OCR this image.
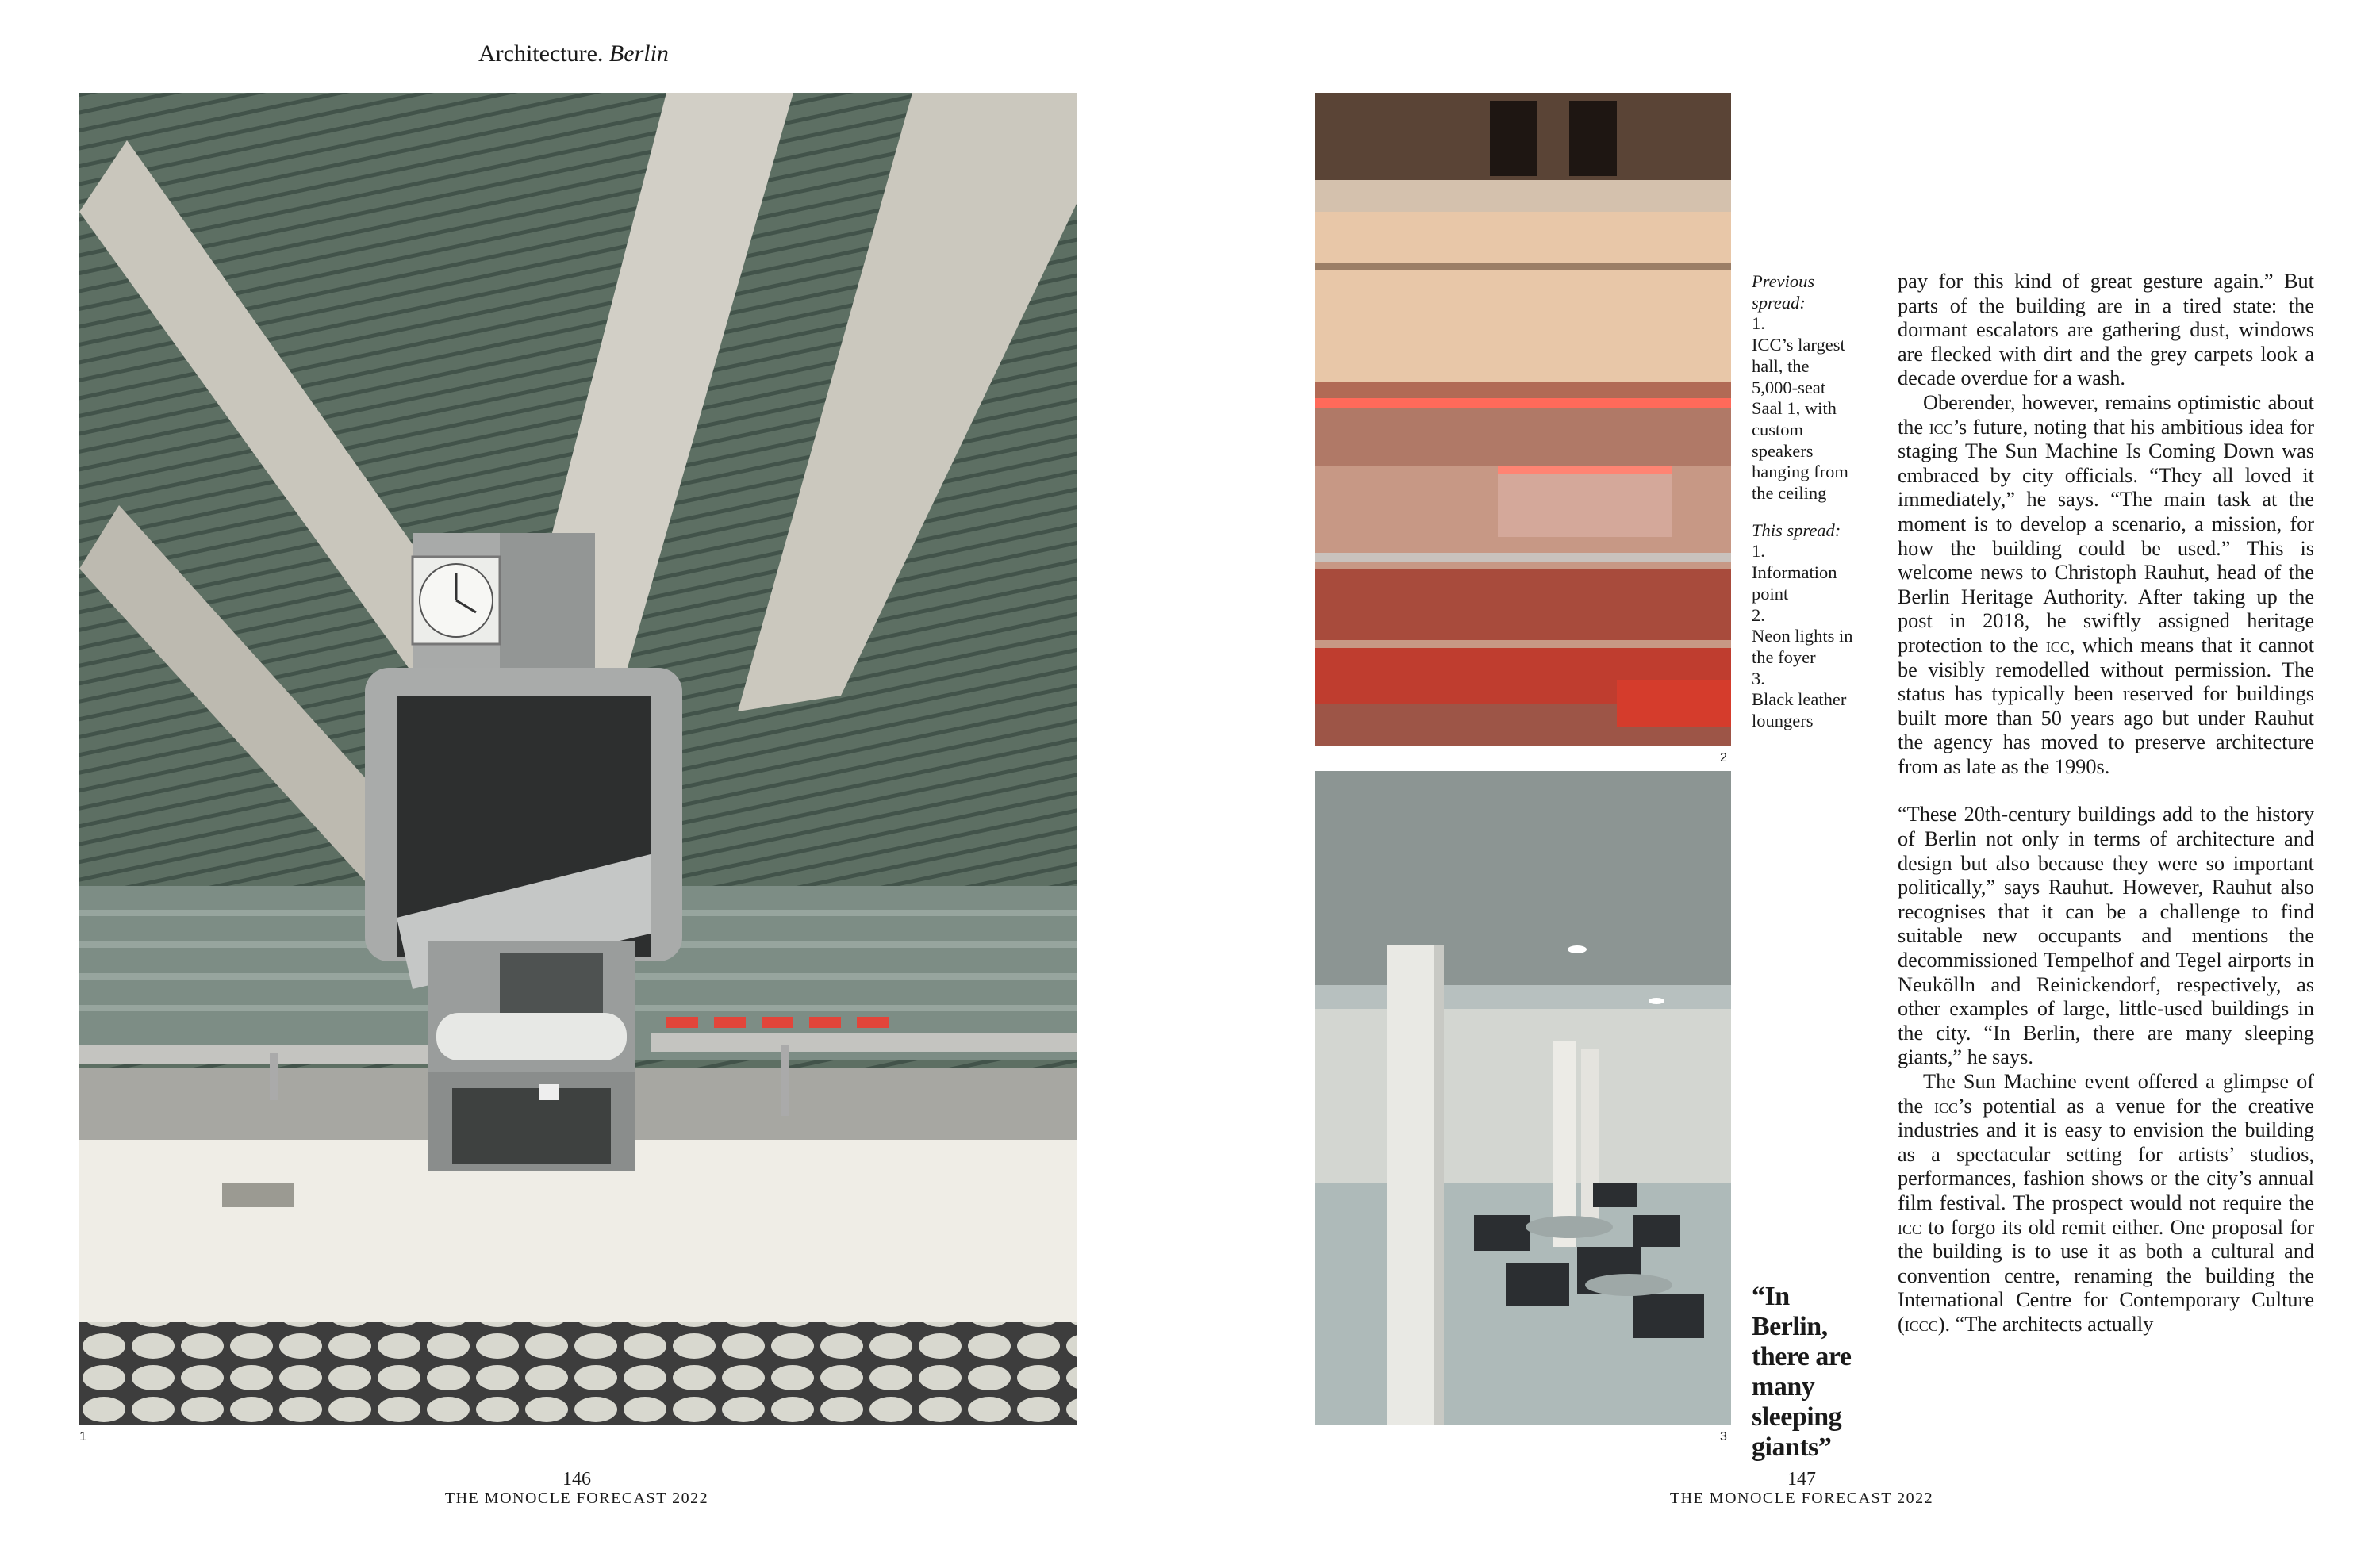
Architecture. Berlin
1
2
3

Previous spread:

1.

ICC’s largest hall, the 5,000-seat Saal 1, with custom speakers hanging from the ceiling

This spread:

1.

Information point

2.

Neon lights in the foyer

3.

Black leather loungers

“In Berlin,

there are

many

sleeping

giants”

pay for this kind of great gesture again.” But parts of the building are in a tired state: the dormant escalators are gathering dust, windows are flecked with dirt and the grey carpets look a decade overdue for a wash.

Oberender, however, remains optimistic about the icc’s future, noting that his ambitious idea for staging The Sun Machine Is Coming Down was embraced by city officials. “They all loved it immediately,” he says. “The main task at the moment is to develop a scenario, a mission, for how the building could be used.” This is welcome news to Christoph Rauhut, head of the Berlin Heritage Authority. After taking up the post in 2018, he swiftly assigned heritage protection to the icc, which means that it cannot be visibly remodelled without permission. The status has typically been reserved for buildings built more than 50 years ago but under Rauhut the agency has moved to preserve architecture from as late as the 1990s.

“These 20th-century buildings add to the history of Berlin not only in terms of architecture and design but also because they were so important politically,” says Rauhut. However, Rauhut also recognises that it can be a challenge to find suitable new occupants and mentions the decommissioned Tempelhof and Tegel airports in Neukölln and Reinickendorf, respectively, as other examples of large, little-used buildings in the city. “In Berlin, there are many sleeping giants,” he says.

The Sun Machine event offered a glimpse of the icc’s potential as a venue for the creative industries and it is easy to envision the building as a spectacular setting for artists’ studios, performances, fashion shows or the city’s annual film festival. The prospect would not require the icc to forgo its old remit either. One proposal for the building is to use it as both a cultural and convention centre, renaming the building the International Centre for Contemporary Culture (iccc). “The architects actually

146
THE MONOCLE FORECAST 2022
147
THE MONOCLE FORECAST 2022
